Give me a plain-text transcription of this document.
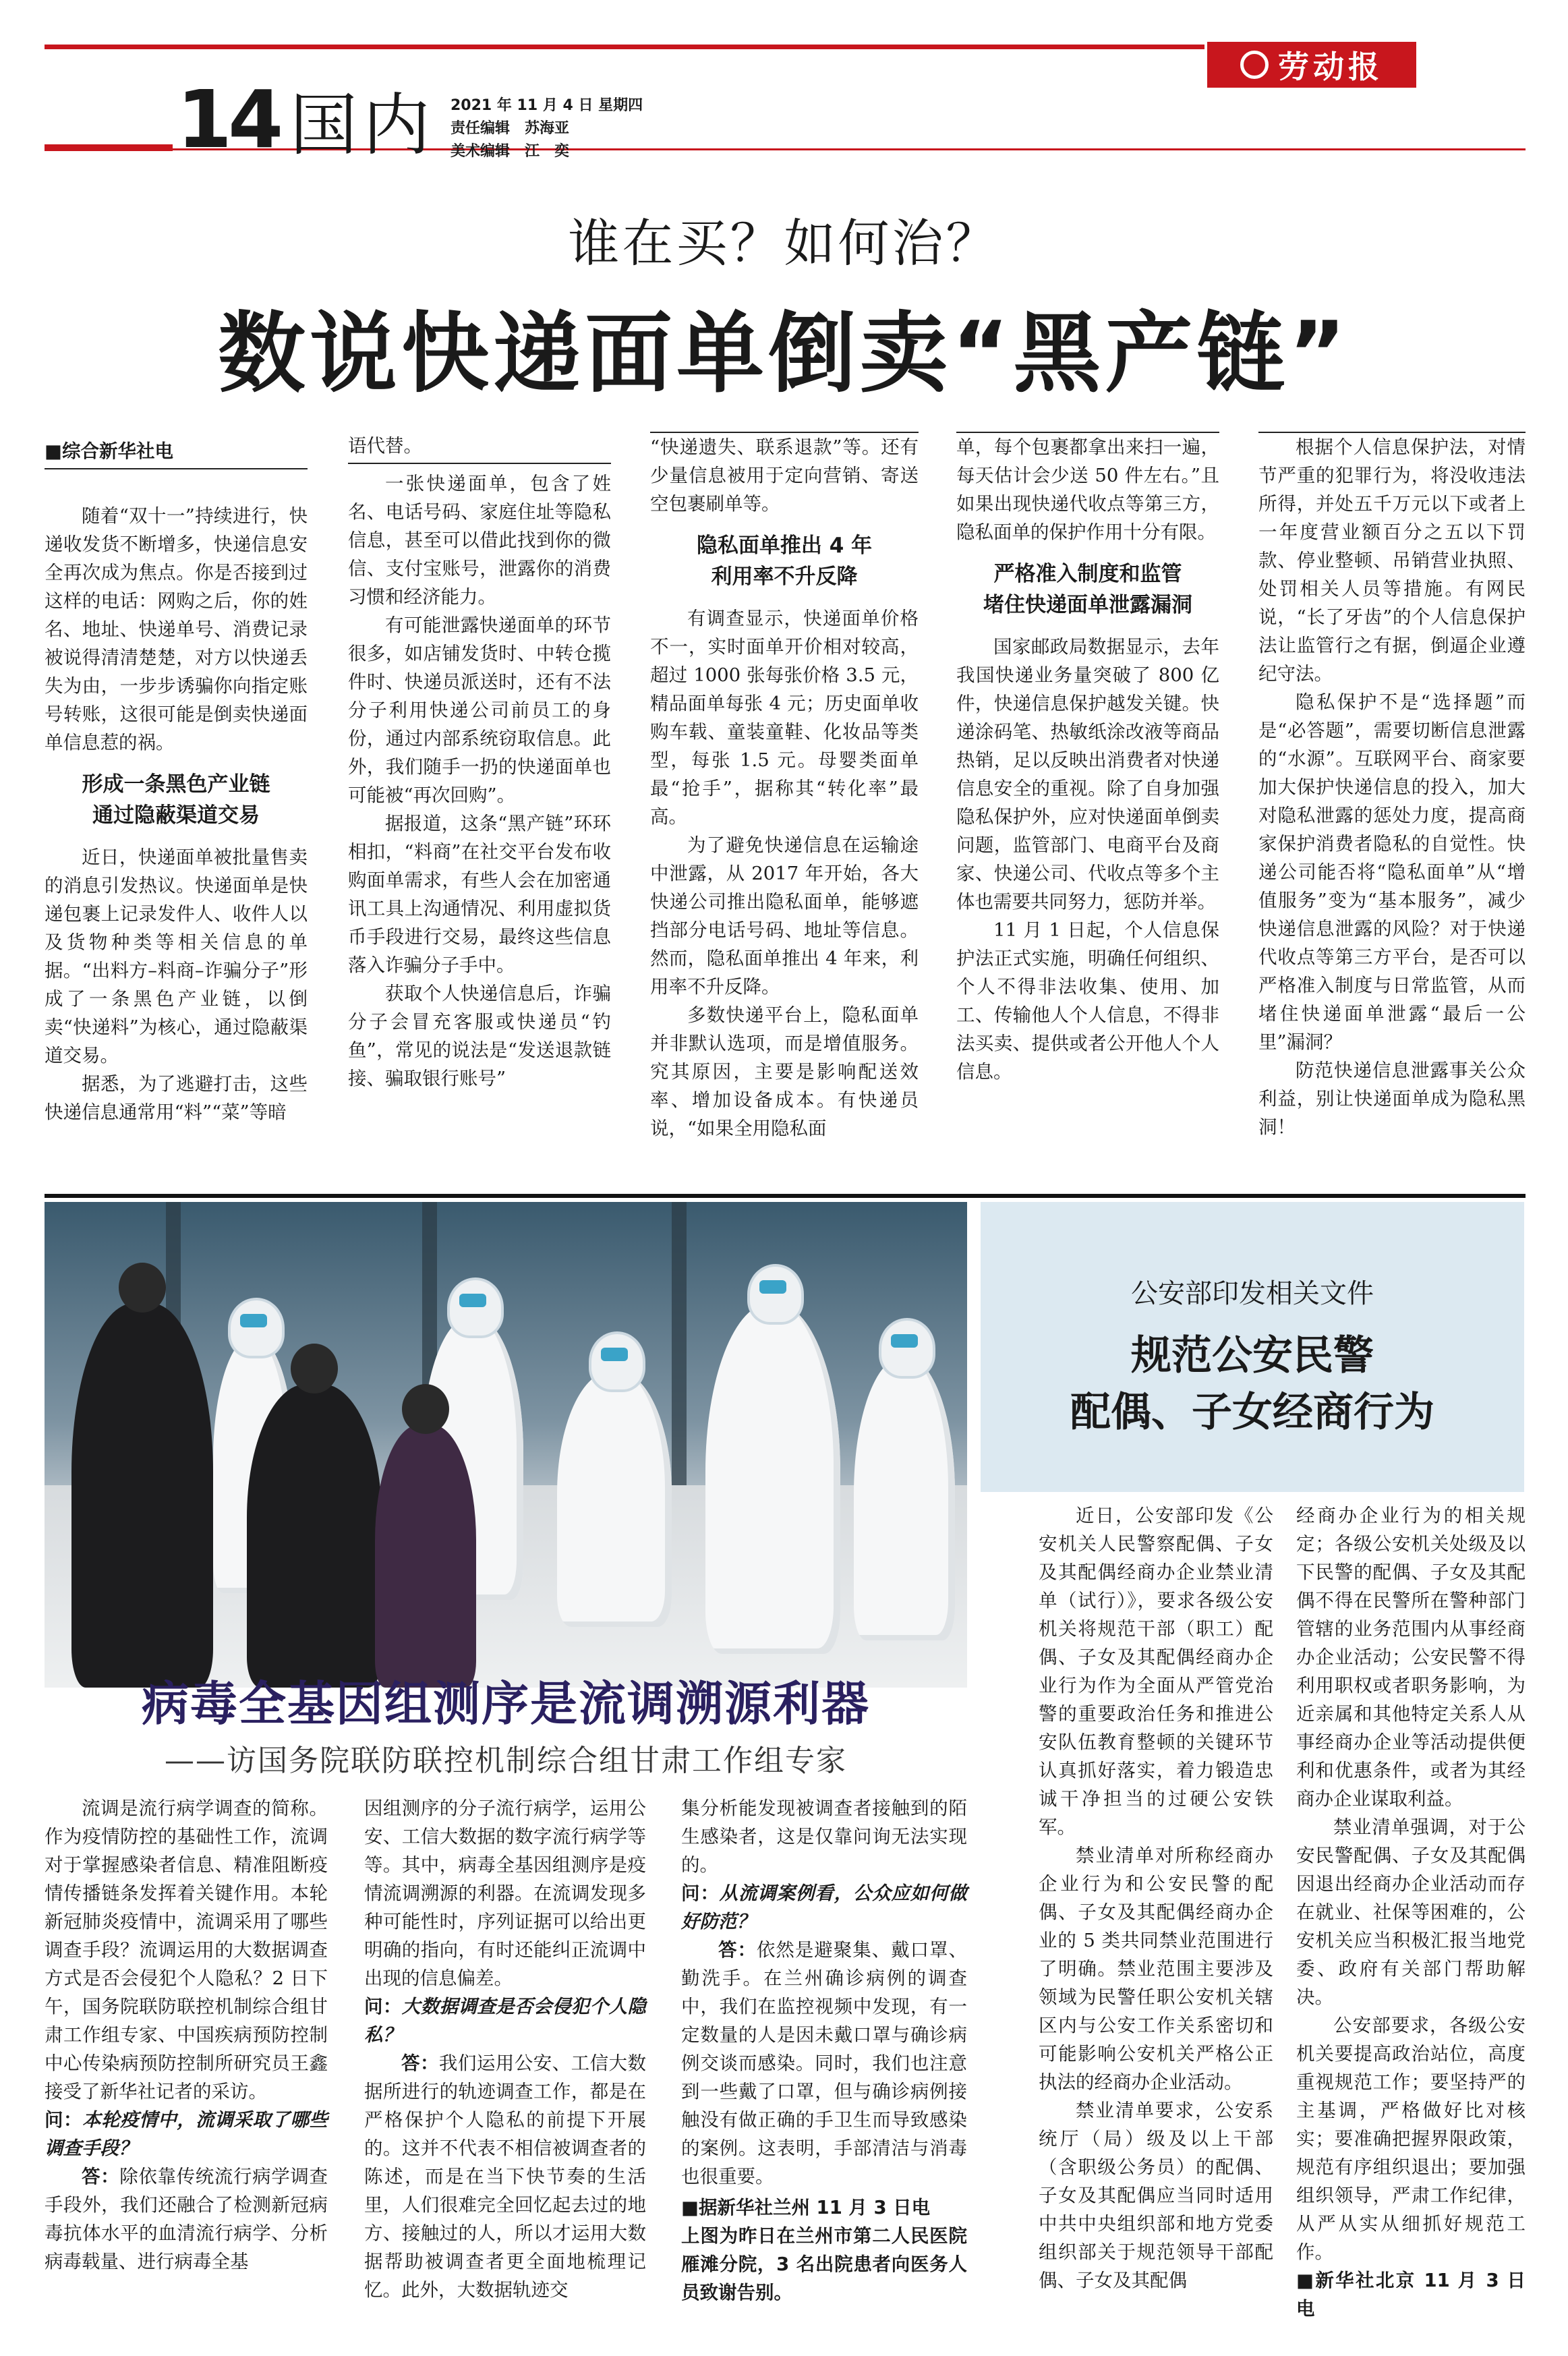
劳动报
14 国内 2021 年 11 月 4 日 星期四
责任编辑　苏海亚
美术编辑　江　奕
谁在买？如何治？
数说快递面单倒卖“黑产链”

■综合新华社电

随着“双十一”持续进行，快递收发货不断增多，快递信息安全再次成为焦点。你是否接到过这样的电话：网购之后，你的姓名、地址、快递单号、消费记录被说得清清楚楚，对方以快递丢失为由，一步步诱骗你向指定账号转账，这很可能是倒卖快递面单信息惹的祸。

形成一条黑色产业链
通过隐蔽渠道交易

近日，快递面单被批量售卖的消息引发热议。快递面单是快递包裹上记录发件人、收件人以及货物种类等相关信息的单据。“出料方–料商–诈骗分子”形成了一条黑色产业链，以倒卖“快递料”为核心，通过隐蔽渠道交易。

据悉，为了逃避打击，这些快递信息通常用“料”“菜”等暗

语代替。

一张快递面单，包含了姓名、电话号码、家庭住址等隐私信息，甚至可以借此找到你的微信、支付宝账号，泄露你的消费习惯和经济能力。

有可能泄露快递面单的环节很多，如店铺发货时、中转仓揽件时、快递员派送时，还有不法分子利用快递公司前员工的身份，通过内部系统窃取信息。此外，我们随手一扔的快递面单也可能被“再次回购”。

据报道，这条“黑产链”环环相扣，“料商”在社交平台发布收购面单需求，有些人会在加密通讯工具上沟通情况、利用虚拟货币手段进行交易，最终这些信息落入诈骗分子手中。

获取个人快递信息后，诈骗分子会冒充客服或快递员“钓鱼”，常见的说法是“发送退款链接、骗取银行账号”

“快递遗失、联系退款”等。还有少量信息被用于定向营销、寄送空包裹刷单等。

隐私面单推出 4 年
利用率不升反降

有调查显示，快递面单价格不一，实时面单开价相对较高，超过 1000 张每张价格 3.5 元，精品面单每张 4 元；历史面单收购车载、童装童鞋、化妆品等类型，每张 1.5 元。母婴类面单最“抢手”，据称其“转化率”最高。

为了避免快递信息在运输途中泄露，从 2017 年开始，各大快递公司推出隐私面单，能够遮挡部分电话号码、地址等信息。然而，隐私面单推出 4 年来，利用率不升反降。

多数快递平台上，隐私面单并非默认选项，而是增值服务。究其原因，主要是影响配送效率、增加设备成本。有快递员说，“如果全用隐私面

单，每个包裹都拿出来扫一遍，每天估计会少送 50 件左右。”且如果出现快递代收点等第三方，隐私面单的保护作用十分有限。

严格准入制度和监管
堵住快递面单泄露漏洞

国家邮政局数据显示，去年我国快递业务量突破了 800 亿件，快递信息保护越发关键。快递涂码笔、热敏纸涂改液等商品热销，足以反映出消费者对快递信息安全的重视。除了自身加强隐私保护外，应对快递面单倒卖问题，监管部门、电商平台及商家、快递公司、代收点等多个主体也需要共同努力，惩防并举。

11 月 1 日起，个人信息保护法正式实施，明确任何组织、个人不得非法收集、使用、加工、传输他人个人信息，不得非法买卖、提供或者公开他人个人信息。

根据个人信息保护法，对情节严重的犯罪行为，将没收违法所得，并处五千万元以下或者上一年度营业额百分之五以下罚款、停业整顿、吊销营业执照、处罚相关人员等措施。有网民说，“长了牙齿”的个人信息保护法让监管行之有据，倒逼企业遵纪守法。

隐私保护不是“选择题”而是“必答题”，需要切断信息泄露的“水源”。互联网平台、商家要加大保护快递信息的投入，加大对隐私泄露的惩处力度，提高商家保护消费者隐私的自觉性。快递公司能否将“隐私面单”从“增值服务”变为“基本服务”，减少快递信息泄露的风险？对于快递代收点等第三方平台，是否可以严格准入制度与日常监管，从而堵住快递面单泄露“最后一公里”漏洞？

防范快递信息泄露事关公众利益，别让快递面单成为隐私黑洞！

病毒全基因组测序是流调溯源利器
——访国务院联防联控机制综合组甘肃工作组专家
公安部印发相关文件
规范公安民警
配偶、子女经商行为

流调是流行病学调查的简称。作为疫情防控的基础性工作，流调对于掌握感染者信息、精准阻断疫情传播链条发挥着关键作用。本轮新冠肺炎疫情中，流调采用了哪些调查手段？流调运用的大数据调查方式是否会侵犯个人隐私？2 日下午，国务院联防联控机制综合组甘肃工作组专家、中国疾病预防控制中心传染病预防控制所研究员王鑫接受了新华社记者的采访。

问：本轮疫情中，流调采取了哪些调查手段？

答：除依靠传统流行病学调查手段外，我们还融合了检测新冠病毒抗体水平的血清流行病学、分析病毒载量、进行病毒全基

因组测序的分子流行病学，运用公安、工信大数据的数字流行病学等等。其中，病毒全基因组测序是疫情流调溯源的利器。在流调发现多种可能性时，序列证据可以给出更明确的指向，有时还能纠正流调中出现的信息偏差。

问：大数据调查是否会侵犯个人隐私？

答：我们运用公安、工信大数据所进行的轨迹调查工作，都是在严格保护个人隐私的前提下开展的。这并不代表不相信被调查者的陈述，而是在当下快节奏的生活里，人们很难完全回忆起去过的地方、接触过的人，所以才运用大数据帮助被调查者更全面地梳理记忆。此外，大数据轨迹交

集分析能发现被调查者接触到的陌生感染者，这是仅靠问询无法实现的。

问：从流调案例看，公众应如何做好防范？

答：依然是避聚集、戴口罩、勤洗手。在兰州确诊病例的调查中，我们在监控视频中发现，有一定数量的人是因未戴口罩与确诊病例交谈而感染。同时，我们也注意到一些戴了口罩，但与确诊病例接触没有做正确的手卫生而导致感染的案例。这表明，手部清洁与消毒也很重要。

■据新华社兰州 11 月 3 日电

上图为昨日在兰州市第二人民医院雁滩分院，3 名出院患者向医务人员致谢告别。

近日，公安部印发《公安机关人民警察配偶、子女及其配偶经商办企业禁业清单（试行）》，要求各级公安机关将规范干部（职工）配偶、子女及其配偶经商办企业行为作为全面从严管党治警的重要政治任务和推进公安队伍教育整顿的关键环节认真抓好落实，着力锻造忠诚干净担当的过硬公安铁军。

禁业清单对所称经商办企业行为和公安民警的配偶、子女及其配偶经商办企业的 5 类共同禁业范围进行了明确。禁业范围主要涉及领域为民警任职公安机关辖区内与公安工作关系密切和可能影响公安机关严格公正执法的经商办企业活动。

禁业清单要求，公安系统厅（局）级及以上干部（含职级公务员）的配偶、子女及其配偶应当同时适用中共中央组织部和地方党委组织部关于规范领导干部配偶、子女及其配偶

经商办企业行为的相关规定；各级公安机关处级及以下民警的配偶、子女及其配偶不得在民警所在警种部门管辖的业务范围内从事经商办企业活动；公安民警不得利用职权或者职务影响，为近亲属和其他特定关系人从事经商办企业等活动提供便利和优惠条件，或者为其经商办企业谋取利益。

禁业清单强调，对于公安民警配偶、子女及其配偶因退出经商办企业活动而存在就业、社保等困难的，公安机关应当积极汇报当地党委、政府有关部门帮助解决。

公安部要求，各级公安机关要提高政治站位，高度重视规范工作；要坚持严的主基调，严格做好比对核实；要准确把握界限政策，规范有序组织退出；要加强组织领导，严肃工作纪律，从严从实从细抓好规范工作。

■新华社北京 11 月 3 日电
